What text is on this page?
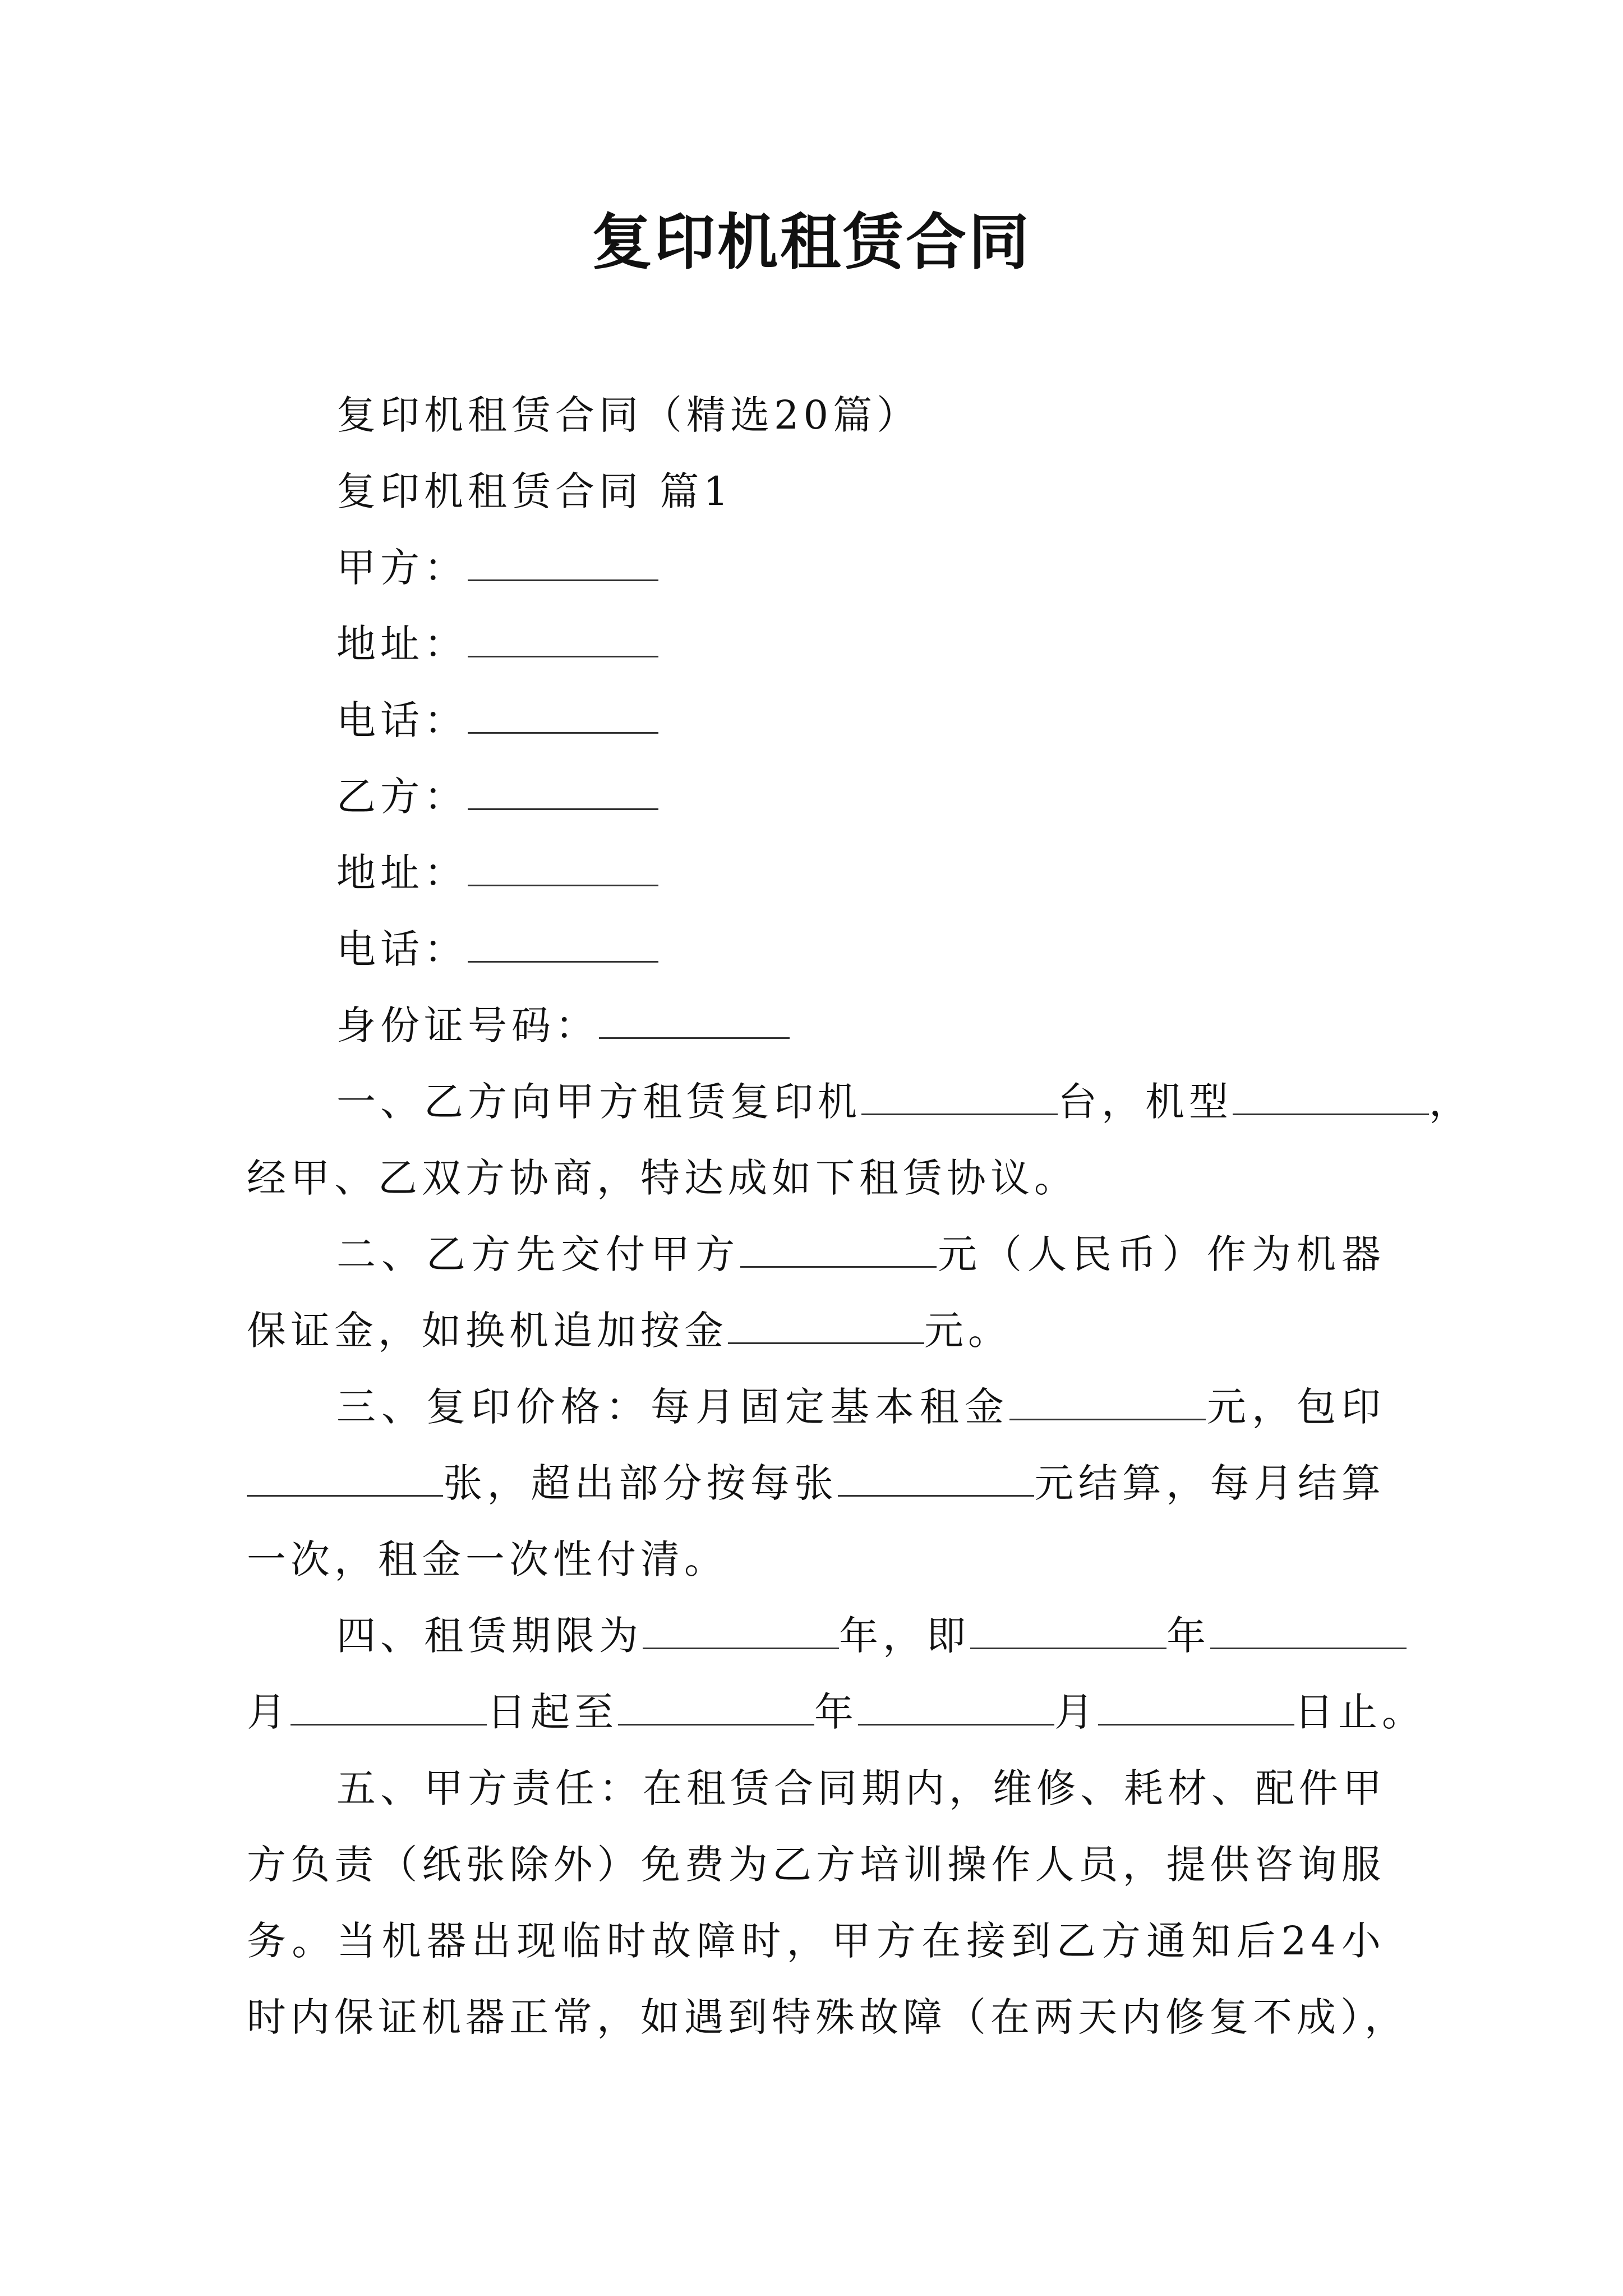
复印机租赁合同
复印机租赁合同（精选20篇）
复印机租赁合同 篇1
甲方：
地址：
电话：
乙方：
地址：
电话：
身份证号码：
一、乙方向甲方租赁复印机	台，机型	，
经甲、乙双方协商，特达成如下租赁协议。
二、乙方先交付甲方	元（人民币）作为机器
保证金，如换机追加按金	元。
三、复印价格：每月固定基本租金	元，包印
张，超出部分按每张	元结算，每月结算
一次，租金一次性付清。
四、租赁期限为	年，即	年
月	日起至	年	月	日止。
五、甲方责任：在租赁合同期内，维修、耗材、配件甲
方负责（纸张除外）免费为乙方培训操作人员，提供咨询服
务。当机器出现临时故障时，甲方在接到乙方通知后24小
时内保证机器正常，如遇到特殊故障（在两天内修复不成），
